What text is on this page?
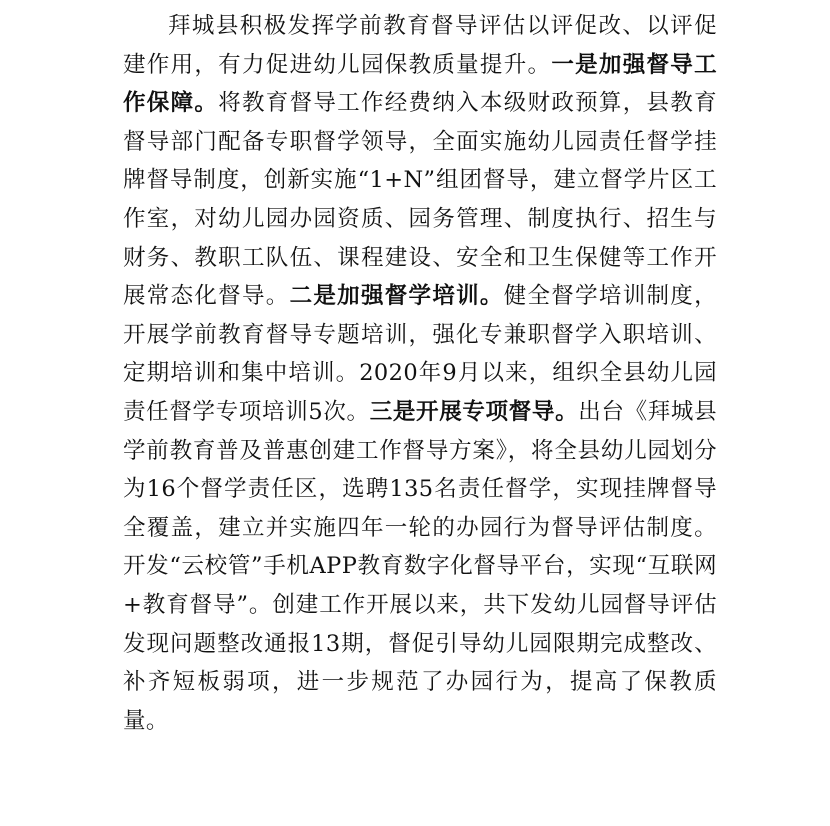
拜城县积极发挥学前教育督导评估以评促改、以评促建作用，有力促进幼儿园保教质量提升。一是加强督导工作保障。将教育督导工作经费纳入本级财政预算，县教育督导部门配备专职督学领导，全面实施幼儿园责任督学挂牌督导制度，创新实施“1+N”组团督导，建立督学片区工作室，对幼儿园办园资质、园务管理、制度执行、招生与财务、教职工队伍、课程建设、安全和卫生保健等工作开展常态化督导。二是加强督学培训。健全督学培训制度，开展学前教育督导专题培训，强化专兼职督学入职培训、定期培训和集中培训。2020年9月以来，组织全县幼儿园责任督学专项培训5次。三是开展专项督导。出台《拜城县学前教育普及普惠创建工作督导方案》，将全县幼儿园划分为16个督学责任区，选聘135名责任督学，实现挂牌督导全覆盖，建立并实施四年一轮的办园行为督导评估制度。开发“云校管”手机APP教育数字化督导平台，实现“互联网+教育督导”。创建工作开展以来，共下发幼儿园督导评估发现问题整改通报13期，督促引导幼儿园限期完成整改、补齐短板弱项，进一步规范了办园行为，提高了保教质量。
